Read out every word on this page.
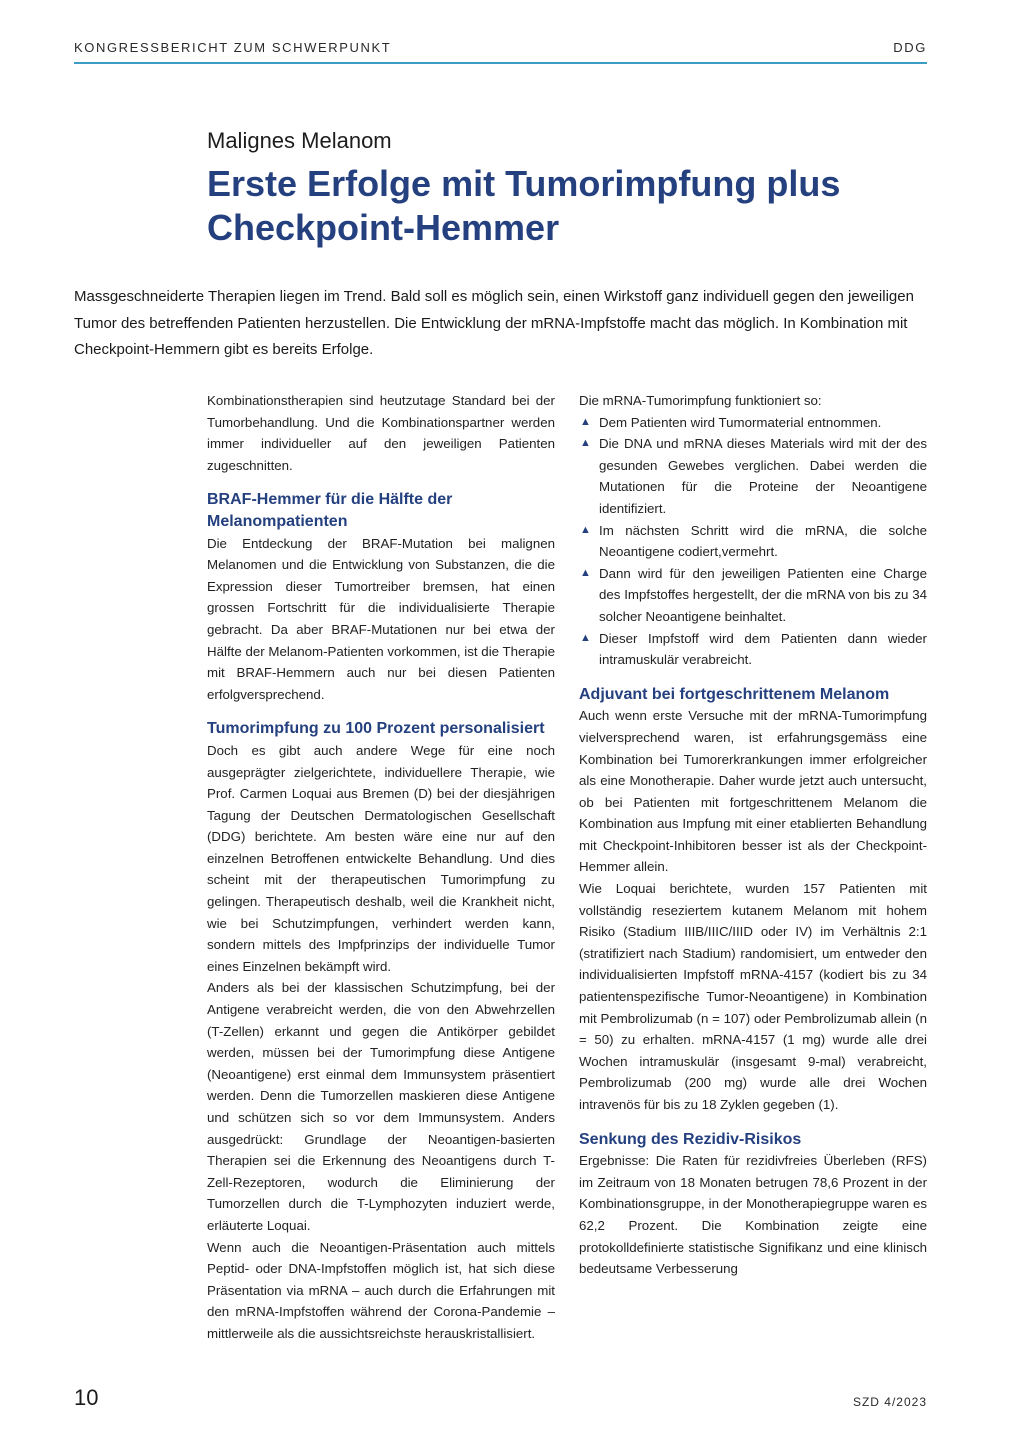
KONGRESSBERICHT ZUM SCHWERPUNKT	DDG
Malignes Melanom
Erste Erfolge mit Tumorimpfung plus Checkpoint-Hemmer

Massgeschneiderte Therapien liegen im Trend. Bald soll es möglich sein, einen Wirkstoff ganz individuell gegen den jeweiligen Tumor des betreffenden Patienten herzustellen. Die Entwicklung der mRNA-Impfstoffe macht das möglich. In Kombination mit Checkpoint-Hemmern gibt es bereits Erfolge.

Kombinationstherapien sind heutzutage Standard bei der Tumorbehandlung. Und die Kombinationspartner werden immer individueller auf den jeweiligen Patienten zugeschnitten.

BRAF-Hemmer für die Hälfte der Melanompatienten

Die Entdeckung der BRAF-Mutation bei malignen Melanomen und die Entwicklung von Substanzen, die die Expression dieser Tumortreiber bremsen, hat einen grossen Fortschritt für die individualisierte Therapie gebracht. Da aber BRAF-Mutationen nur bei etwa der Hälfte der Melanom-Patienten vorkommen, ist die Therapie mit BRAF-Hemmern auch nur bei diesen Patienten erfolgversprechend.

Tumorimpfung zu 100 Prozent personalisiert

Doch es gibt auch andere Wege für eine noch ausgeprägter zielgerichtete, individuellere Therapie, wie Prof. Carmen Loquai aus Bremen (D) bei der diesjährigen Tagung der Deutschen Dermatologischen Gesellschaft (DDG) berichtete. Am besten wäre eine nur auf den einzelnen Betroffenen entwickelte Behandlung. Und dies scheint mit der therapeutischen Tumorimpfung zu gelingen. Therapeutisch deshalb, weil die Krankheit nicht, wie bei Schutzimpfungen, verhindert werden kann, sondern mittels des Impfprinzips der individuelle Tumor eines Einzelnen bekämpft wird.

Anders als bei der klassischen Schutzimpfung, bei der Antigene verabreicht werden, die von den Abwehrzellen (T-Zellen) erkannt und gegen die Antikörper gebildet werden, müssen bei der Tumorimpfung diese Antigene (Neoantigene) erst einmal dem Immunsystem präsentiert werden. Denn die Tumorzellen maskieren diese Antigene und schützen sich so vor dem Immunsystem. Anders ausgedrückt: Grundlage der Neoantigen-basierten Therapien sei die Erkennung des Neoantigens durch T-Zell-Rezeptoren, wodurch die Eliminierung der Tumorzellen durch die T-Lymphozyten induziert werde, erläuterte Loquai.

Wenn auch die Neoantigen-Präsentation auch mittels Peptid- oder DNA-Impfstoffen möglich ist, hat sich diese Präsentation via mRNA – auch durch die Erfahrungen mit den mRNA-Impfstoffen während der Corona-Pandemie – mittlerweile als die aussichtsreichste herauskristallisiert.

Die mRNA-Tumorimpfung funktioniert so:

▲ Dem Patienten wird Tumormaterial entnommen.
▲ Die DNA und mRNA dieses Materials wird mit der des gesunden Gewebes verglichen. Dabei werden die Mutationen für die Proteine der Neoantigene identifiziert.
▲ Im nächsten Schritt wird die mRNA, die solche Neoantigene codiert,vermehrt.
▲ Dann wird für den jeweiligen Patienten eine Charge des Impfstoffes hergestellt, der die mRNA von bis zu 34 solcher Neoantigene beinhaltet.
▲ Dieser Impfstoff wird dem Patienten dann wieder intramuskulär verabreicht.
Adjuvant bei fortgeschrittenem Melanom

Auch wenn erste Versuche mit der mRNA-Tumorimpfung vielversprechend waren, ist erfahrungsgemäss eine Kombination bei Tumorerkrankungen immer erfolgreicher als eine Monotherapie. Daher wurde jetzt auch untersucht, ob bei Patienten mit fortgeschrittenem Melanom die Kombination aus Impfung mit einer etablierten Behandlung mit Checkpoint-Inhibitoren besser ist als der Checkpoint-Hemmer allein.

Wie Loquai berichtete, wurden 157 Patienten mit vollständig reseziertem kutanem Melanom mit hohem Risiko (Stadium IIIB/IIIC/IIID oder IV) im Verhältnis 2:1 (stratifiziert nach Stadium) randomisiert, um entweder den individualisierten Impfstoff mRNA-4157 (kodiert bis zu 34 patientenspezifische Tumor-Neoantigene) in Kombination mit Pembrolizumab (n = 107) oder Pembrolizumab allein (n = 50) zu erhalten. mRNA-4157 (1 mg) wurde alle drei Wochen intramuskulär (insgesamt 9-mal) verabreicht, Pembrolizumab (200 mg) wurde alle drei Wochen intravenös für bis zu 18 Zyklen gegeben (1).

Senkung des Rezidiv-Risikos

Ergebnisse: Die Raten für rezidivfreies Überleben (RFS) im Zeitraum von 18 Monaten betrugen 78,6 Prozent in der Kombinationsgruppe, in der Monotherapiegruppe waren es 62,2 Prozent. Die Kombination zeigte eine protokolldefinierte statistische Signifikanz und eine klinisch bedeutsame Verbesserung

10	SZD 4/2023
